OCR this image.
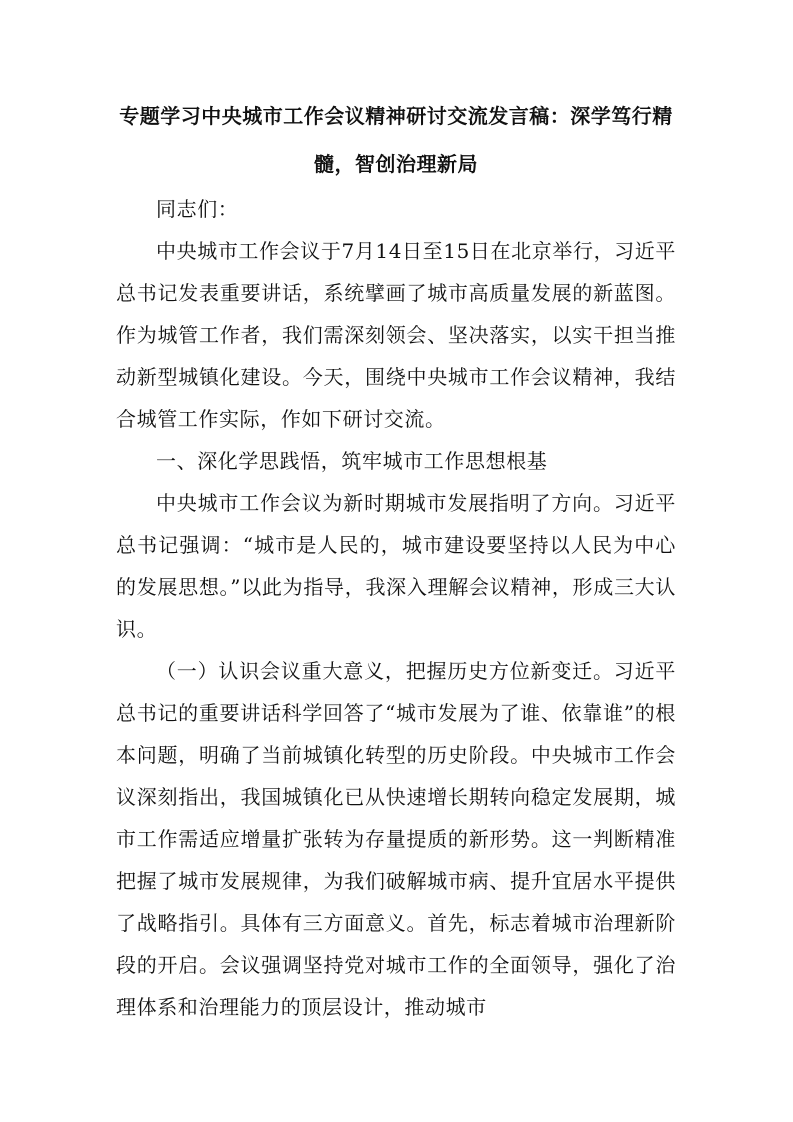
专题学习中央城市工作会议精神研讨交流发言稿：深学笃行精髓，智创治理新局

同志们：

中央城市工作会议于7月14日至15日在北京举行，习近平总书记发表重要讲话，系统擘画了城市高质量发展的新蓝图。作为城管工作者，我们需深刻领会、坚决落实，以实干担当推动新型城镇化建设。今天，围绕中央城市工作会议精神，我结合城管工作实际，作如下研讨交流。

一、深化学思践悟，筑牢城市工作思想根基

中央城市工作会议为新时期城市发展指明了方向。习近平总书记强调：“城市是人民的，城市建设要坚持以人民为中心的发展思想。”以此为指导，我深入理解会议精神，形成三大认识。

（一）认识会议重大意义，把握历史方位新变迁。习近平总书记的重要讲话科学回答了“城市发展为了谁、依靠谁”的根本问题，明确了当前城镇化转型的历史阶段。中央城市工作会议深刻指出，我国城镇化已从快速增长期转向稳定发展期，城市工作需适应增量扩张转为存量提质的新形势。这一判断精准把握了城市发展规律，为我们破解城市病、提升宜居水平提供了战略指引。具体有三方面意义。首先，标志着城市治理新阶段的开启。会议强调坚持党对城市工作的全面领导，强化了治理体系和治理能力的顶层设计，推动城市
